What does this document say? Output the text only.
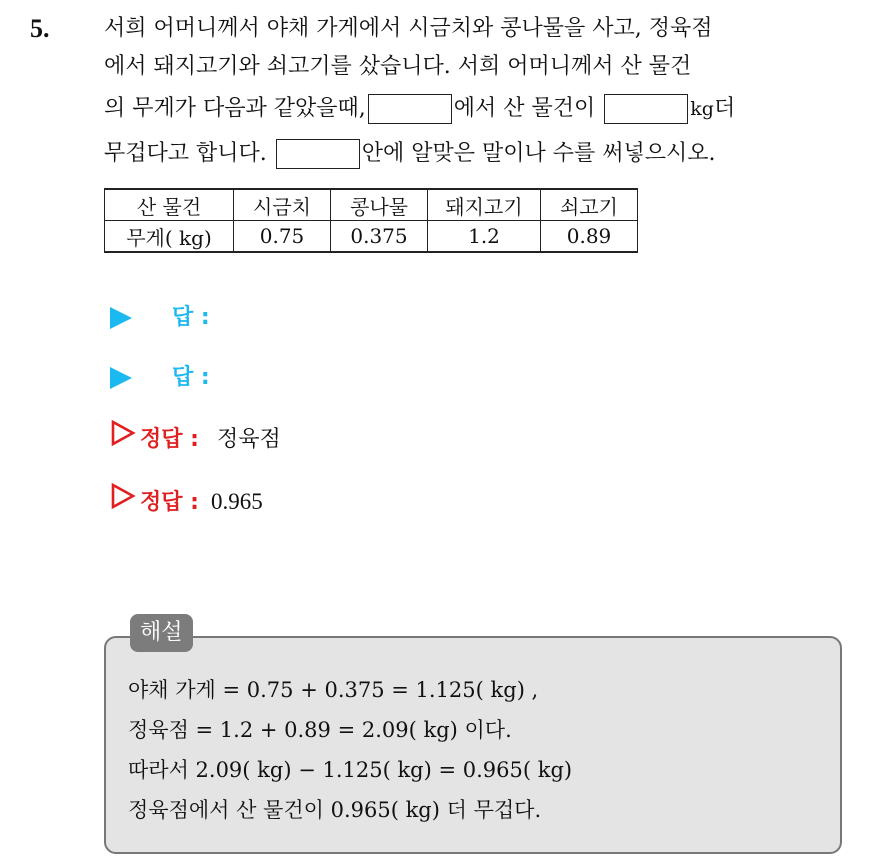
5. 서희 어머니께서 야채 가게에서 시금치와 콩나물을 사고, 정육점
에서 돼지고기와 쇠고기를 샀습니다. 서희 어머니께서 산 물건
의 무게가 다음과 같았을때,	에서 산 물건이	kg더
무겁다고 합니다.	안에 알맞은 말이나 수를 써넣으시오.
산 물건	시금치	콩나물	돼지고기	쇠고기
무게( kg)	0.75	0.375	1.2	0.89
답 :
답 :
정답 : 정육점
정답 : 0.965
해설
야채 가게 = 0.75 + 0.375 = 1.125( kg) ,
정육점 = 1.2 + 0.89 = 2.09( kg) 이다.
따라서 2.09( kg) − 1.125( kg) = 0.965( kg)
정육점에서 산 물건이 0.965( kg) 더 무겁다.
